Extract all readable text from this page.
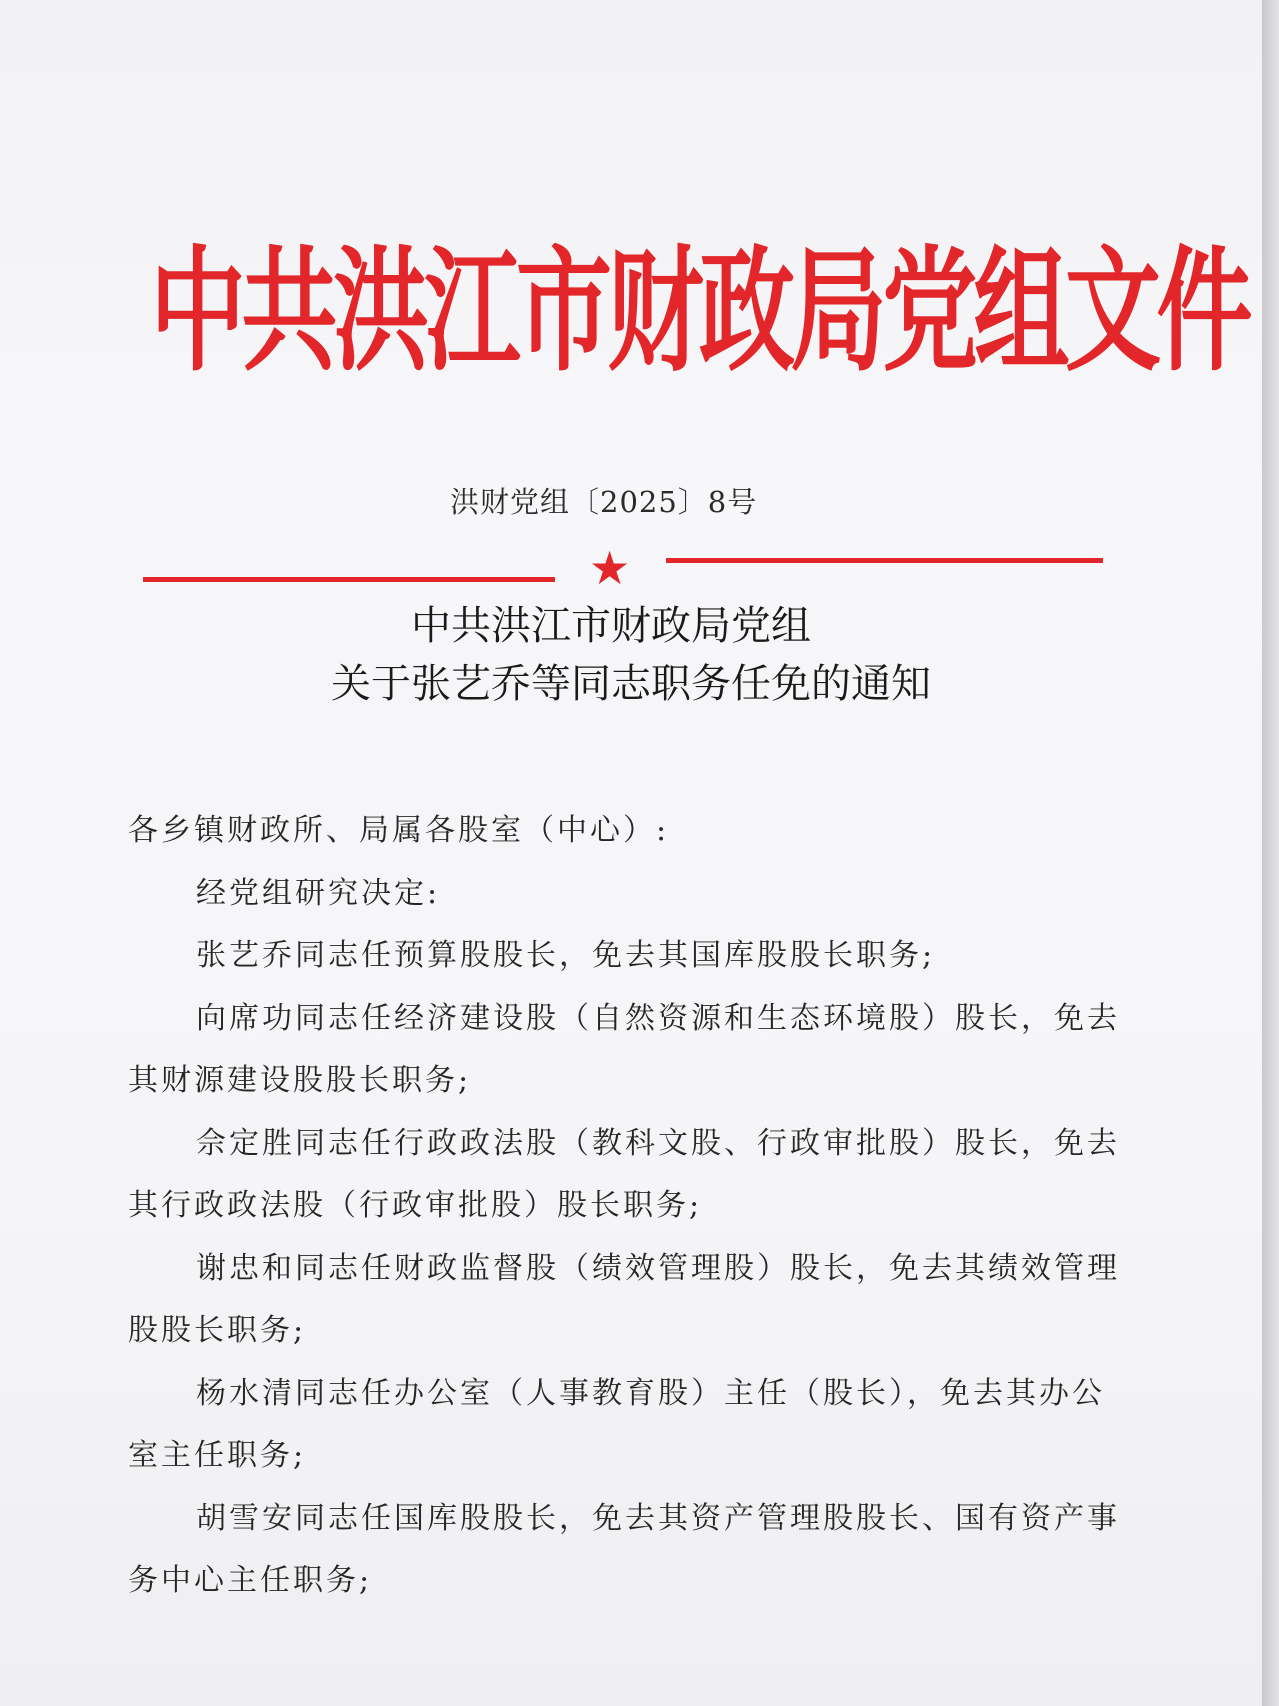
中共洪江市财政局党组文件
洪财党组〔2025〕8号
★
中共洪江市财政局党组
关于张艺乔等同志职务任免的通知

各乡镇财政所、局属各股室（中心）:

经党组研究决定:

张艺乔同志任预算股股长，免去其国库股股长职务;

向席功同志任经济建设股（自然资源和生态环境股）股长，免去其财源建设股股长职务;

佘定胜同志任行政政法股（教科文股、行政审批股）股长，免去其行政政法股（行政审批股）股长职务;

谢忠和同志任财政监督股（绩效管理股）股长，免去其绩效管理股股长职务;

杨水清同志任办公室（人事教育股）主任（股长），免去其办公室主任职务;

胡雪安同志任国库股股长，免去其资产管理股股长、国有资产事务中心主任职务;
